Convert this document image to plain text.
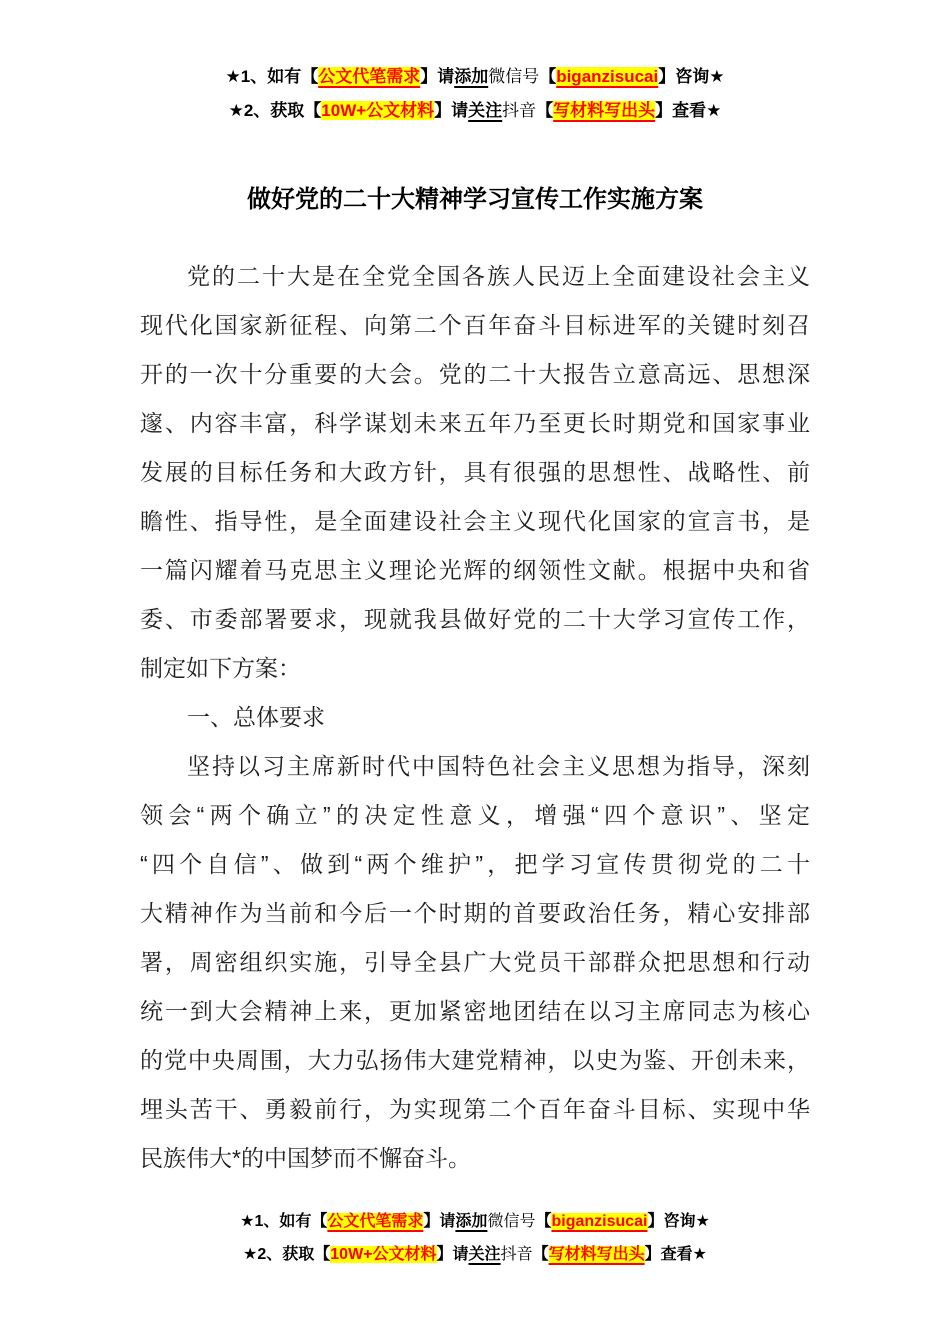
★1、如有【公文代笔需求】请添加微信号【biganzisucai】咨询★
★2、获取【10W+公文材料】请关注抖音【写材料写出头】查看★
做好党的二十大精神学习宣传工作实施方案
党的二十大是在全党全国各族人民迈上全面建设社会主义
现代化国家新征程、向第二个百年奋斗目标进军的关键时刻召
开的一次十分重要的大会。党的二十大报告立意高远、思想深
邃、内容丰富，科学谋划未来五年乃至更长时期党和国家事业
发展的目标任务和大政方针，具有很强的思想性、战略性、前
瞻性、指导性，是全面建设社会主义现代化国家的宣言书，是
一篇闪耀着马克思主义理论光辉的纲领性文献。根据中央和省
委、市委部署要求，现就我县做好党的二十大学习宣传工作，
制定如下方案：
一、总体要求
坚持以习主席新时代中国特色社会主义思想为指导，深刻
领会“两个确立”的决定性意义，增强“四个意识”、坚定
“四个自信”、做到“两个维护”，把学习宣传贯彻党的二十
大精神作为当前和今后一个时期的首要政治任务，精心安排部
署，周密组织实施，引导全县广大党员干部群众把思想和行动
统一到大会精神上来，更加紧密地团结在以习主席同志为核心
的党中央周围，大力弘扬伟大建党精神，以史为鉴、开创未来，
埋头苦干、勇毅前行，为实现第二个百年奋斗目标、实现中华
民族伟大*的中国梦而不懈奋斗。
★1、如有【公文代笔需求】请添加微信号【biganzisucai】咨询★
★2、获取【10W+公文材料】请关注抖音【写材料写出头】查看★
